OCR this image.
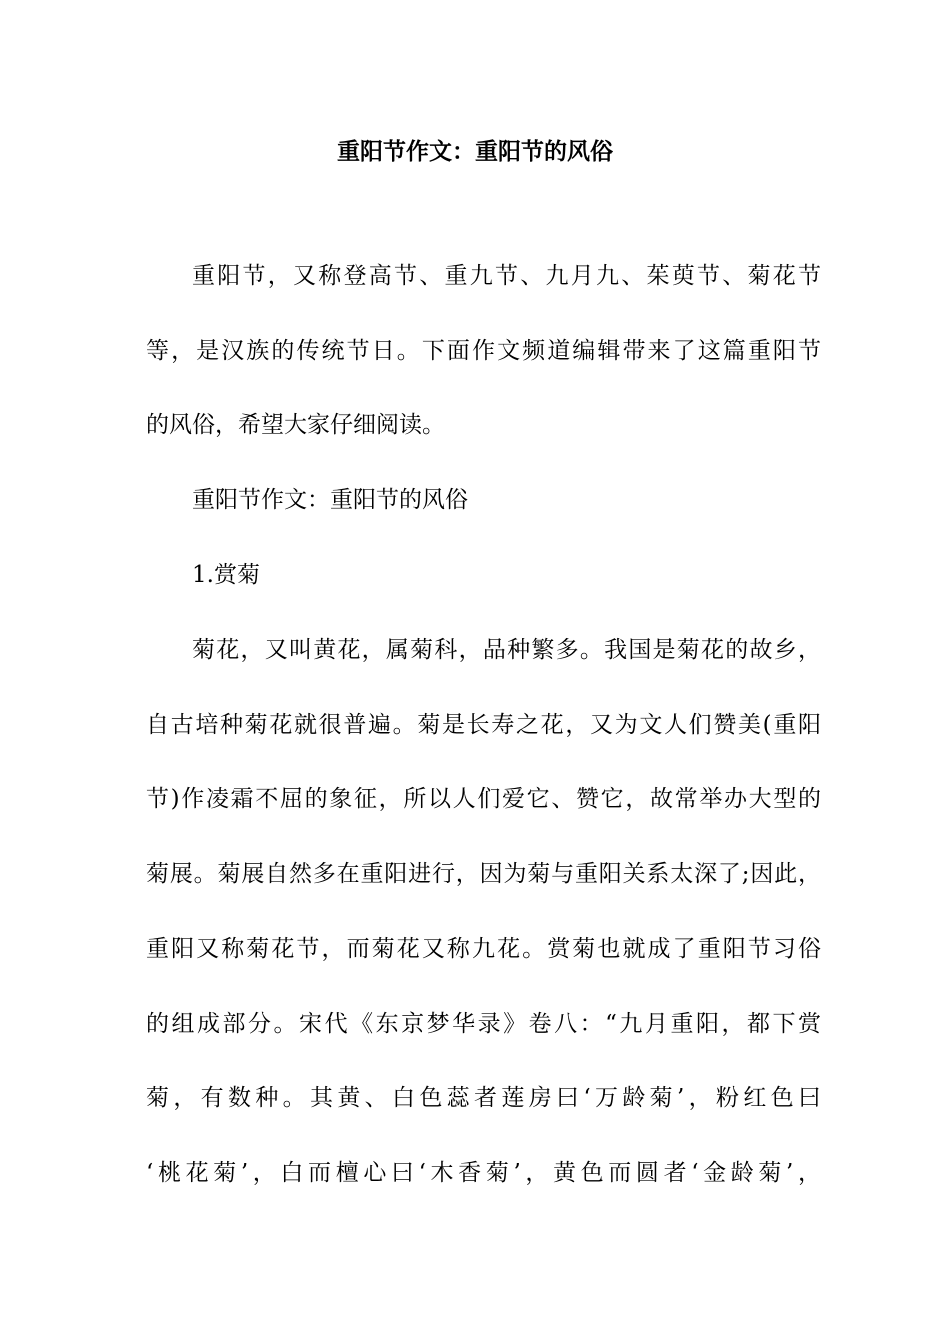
重阳节作文：重阳节的风俗
重阳节，又称登高节、重九节、九月九、茱萸节、菊花节
等，是汉族的传统节日。下面作文频道编辑带来了这篇重阳节
的风俗，希望大家仔细阅读。
重阳节作文：重阳节的风俗
1.赏菊
菊花，又叫黄花，属菊科，品种繁多。我国是菊花的故乡，
自古培种菊花就很普遍。菊是长寿之花，又为文人们赞美(重阳
节)作凌霜不屈的象征，所以人们爱它、赞它，故常举办大型的
菊展。菊展自然多在重阳进行，因为菊与重阳关系太深了;因此，
重阳又称菊花节，而菊花又称九花。赏菊也就成了重阳节习俗
的组成部分。宋代《东京梦华录》卷八：“九月重阳，都下赏
菊，有数种。其黄、白色蕊者莲房曰‘万龄菊’，粉红色曰
‘桃花菊’，白而檀心曰‘木香菊’，黄色而圆者‘金龄菊’，
